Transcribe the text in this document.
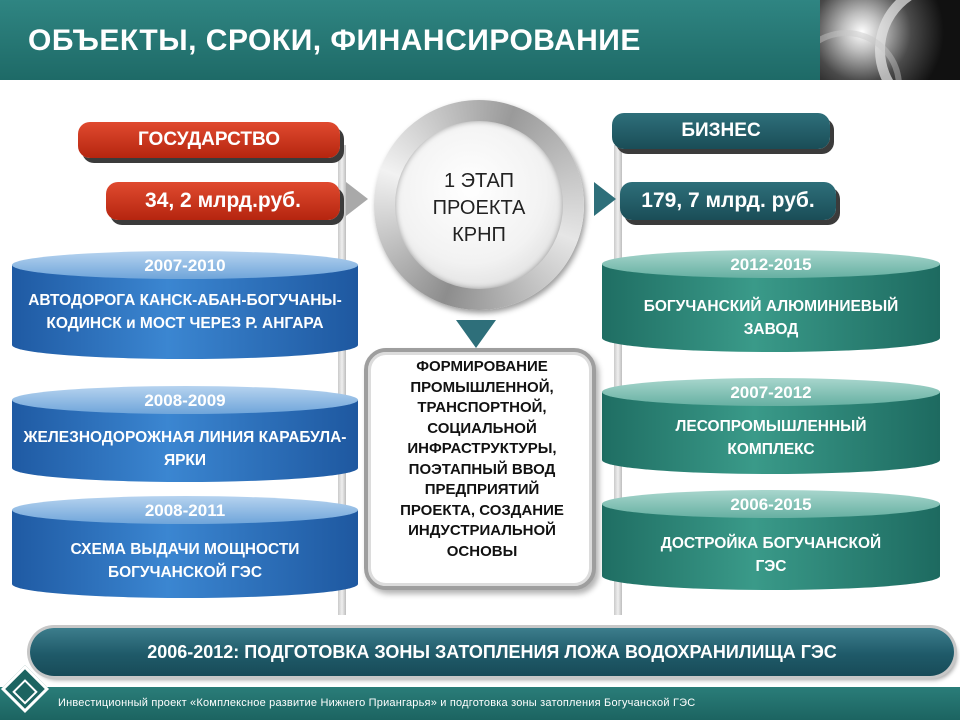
ОБЪЕКТЫ, СРОКИ, ФИНАНСИРОВАНИЕ
ГОСУДАРСТВО
34, 2 млрд.руб.
БИЗНЕС
179, 7 млрд. руб.
1 ЭТАП
ПРОЕКТА
КРНП
2007-2010
АВТОДОРОГА КАНСК-АБАН-БОГУЧАНЫ-КОДИНСК и МОСТ ЧЕРЕЗ Р. АНГАРА
2008-2009
ЖЕЛЕЗНОДОРОЖНАЯ ЛИНИЯ КАРАБУЛА-ЯРКИ
2008-2011
СХЕМА ВЫДАЧИ МОЩНОСТИ БОГУЧАНСКОЙ ГЭС
2012-2015
БОГУЧАНСКИЙ АЛЮМИНИЕВЫЙ ЗАВОД
2007-2012
ЛЕСОПРОМЫШЛЕННЫЙ КОМПЛЕКС
2006-2015
ДОСТРОЙКА БОГУЧАНСКОЙ ГЭС
ФОРМИРОВАНИЕ
ПРОМЫШЛЕННОЙ,
ТРАНСПОРТНОЙ,
СОЦИАЛЬНОЙ
ИНФРАСТРУКТУРЫ,
ПОЭТАПНЫЙ ВВОД
ПРЕДПРИЯТИЙ
ПРОЕКТА, СОЗДАНИЕ
ИНДУСТРИАЛЬНОЙ
ОСНОВЫ
2006-2012: ПОДГОТОВКА ЗОНЫ ЗАТОПЛЕНИЯ ЛОЖА ВОДОХРАНИЛИЩА ГЭС
Инвестиционный проект «Комплексное развитие Нижнего Приангарья» и подготовка зоны затопления Богучанской ГЭС
